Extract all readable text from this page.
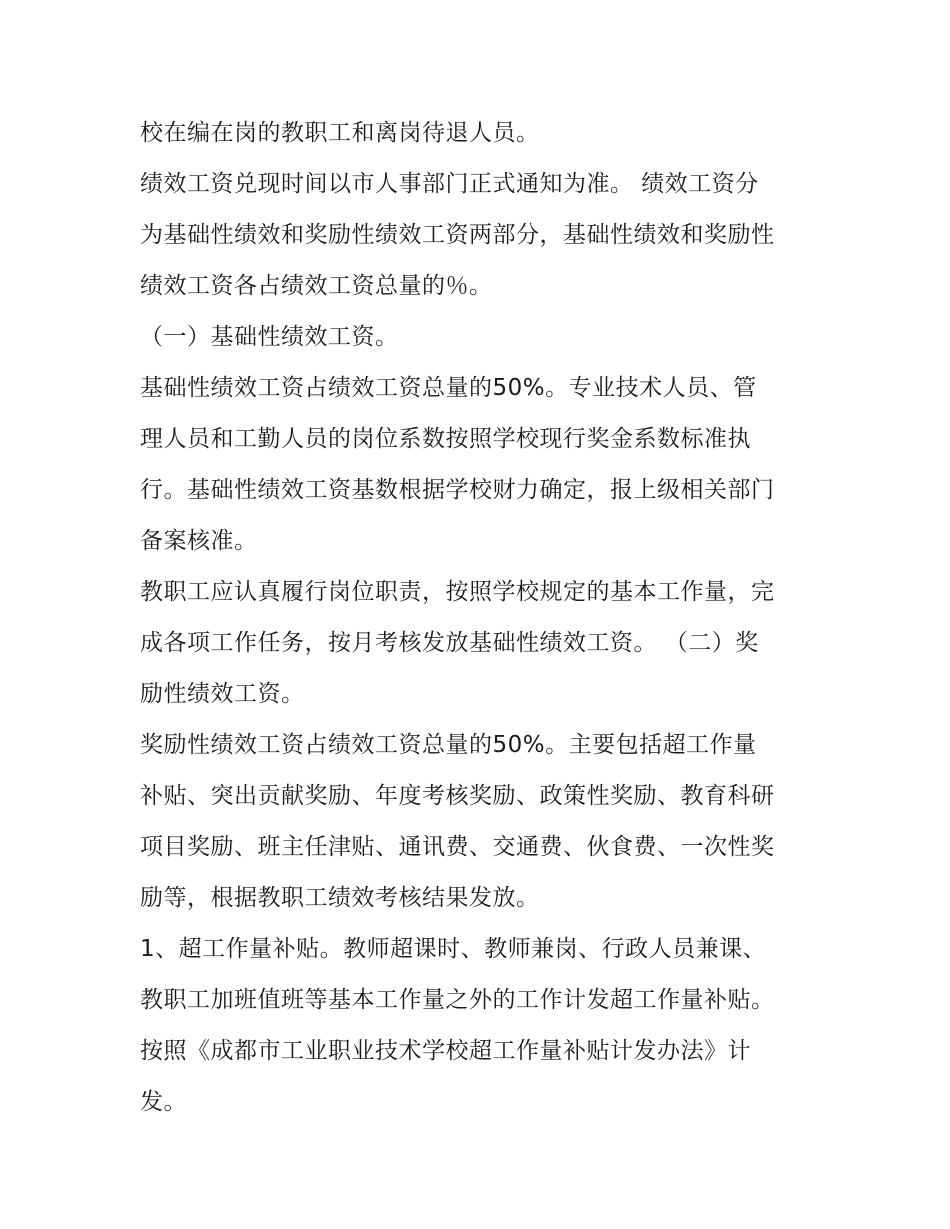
校在编在岗的教职工和离岗待退人员。
绩效工资兑现时间以市人事部门正式通知为准。 绩效工资分
为基础性绩效和奖励性绩效工资两部分，基础性绩效和奖励性
绩效工资各占绩效工资总量的％。
（一）基础性绩效工资。
基础性绩效工资占绩效工资总量的50%。专业技术人员、管
理人员和工勤人员的岗位系数按照学校现行奖金系数标准执
行。基础性绩效工资基数根据学校财力确定，报上级相关部门
备案核准。
教职工应认真履行岗位职责，按照学校规定的基本工作量，完
成各项工作任务，按月考核发放基础性绩效工资。 （二）奖
励性绩效工资。
奖励性绩效工资占绩效工资总量的50%。主要包括超工作量
补贴、突出贡献奖励、年度考核奖励、政策性奖励、教育科研
项目奖励、班主任津贴、通讯费、交通费、伙食费、一次性奖
励等，根据教职工绩效考核结果发放。
1、超工作量补贴。教师超课时、教师兼岗、行政人员兼课、
教职工加班值班等基本工作量之外的工作计发超工作量补贴。
按照《成都市工业职业技术学校超工作量补贴计发办法》计
发。
